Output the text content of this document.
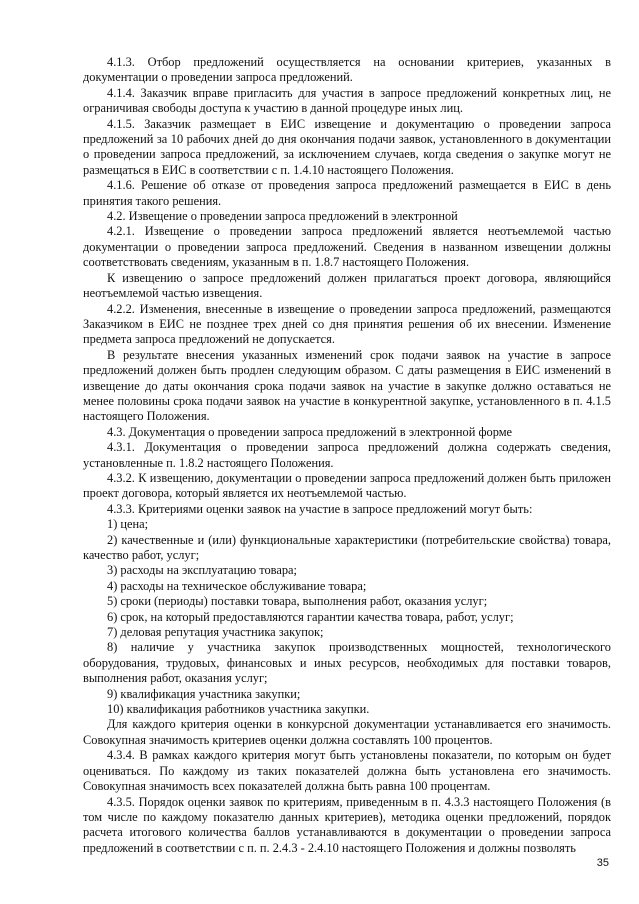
4.1.3. Отбор предложений осуществляется на основании критериев, указанных в документации о проведении запроса предложений.

4.1.4. Заказчик вправе пригласить для участия в запросе предложений конкретных лиц, не ограничивая свободы доступа к участию в данной процедуре иных лиц.

4.1.5. Заказчик размещает в ЕИС извещение и документацию о проведении запроса предложений за 10 рабочих дней до дня окончания подачи заявок, установленного в документации о проведении запроса предложений, за исключением случаев, когда сведения о закупке могут не размещаться в ЕИС в соответствии с п. 1.4.10 настоящего Положения.

4.1.6. Решение об отказе от проведения запроса предложений размещается в ЕИС в день принятия такого решения.

4.2. Извещение о проведении запроса предложений в электронной

4.2.1. Извещение о проведении запроса предложений является неотъемлемой частью документации о проведении запроса предложений. Сведения в названном извещении должны соответствовать сведениям, указанным в п. 1.8.7 настоящего Положения.

К извещению о запросе предложений должен прилагаться проект договора, являющийся неотъемлемой частью извещения.

4.2.2. Изменения, внесенные в извещение о проведении запроса предложений, размещаются Заказчиком в ЕИС не позднее трех дней со дня принятия решения об их внесении. Изменение предмета запроса предложений не допускается.

В результате внесения указанных изменений срок подачи заявок на участие в запросе предложений должен быть продлен следующим образом. С даты размещения в ЕИС изменений в извещение до даты окончания срока подачи заявок на участие в закупке должно оставаться не менее половины срока подачи заявок на участие в конкурентной закупке, установленного в п. 4.1.5 настоящего Положения.

4.3. Документация о проведении запроса предложений в электронной форме

4.3.1. Документация о проведении запроса предложений должна содержать сведения, установленные п. 1.8.2 настоящего Положения.

4.3.2. К извещению, документации о проведении запроса предложений должен быть приложен проект договора, который является их неотъемлемой частью.

4.3.3. Критериями оценки заявок на участие в запросе предложений могут быть:

1) цена;

2) качественные и (или) функциональные характеристики (потребительские свойства) товара, качество работ, услуг;

3) расходы на эксплуатацию товара;

4) расходы на техническое обслуживание товара;

5) сроки (периоды) поставки товара, выполнения работ, оказания услуг;

6) срок, на который предоставляются гарантии качества товара, работ, услуг;

7) деловая репутация участника закупок;

8) наличие у участника закупок производственных мощностей, технологического оборудования, трудовых, финансовых и иных ресурсов, необходимых для поставки товаров, выполнения работ, оказания услуг;

9) квалификация участника закупки;

10) квалификация работников участника закупки.

Для каждого критерия оценки в конкурсной документации устанавливается его значимость. Совокупная значимость критериев оценки должна составлять 100 процентов.

4.3.4. В рамках каждого критерия могут быть установлены показатели, по которым он будет оцениваться. По каждому из таких показателей должна быть установлена его значимость. Совокупная значимость всех показателей должна быть равна 100 процентам.

4.3.5. Порядок оценки заявок по критериям, приведенным в п. 4.3.3 настоящего Положения (в том числе по каждому показателю данных критериев), методика оценки предложений, порядок расчета итогового количества баллов устанавливаются в документации о проведении запроса предложений в соответствии с п. п. 2.4.3 - 2.4.10 настоящего Положения и должны позволять

35
